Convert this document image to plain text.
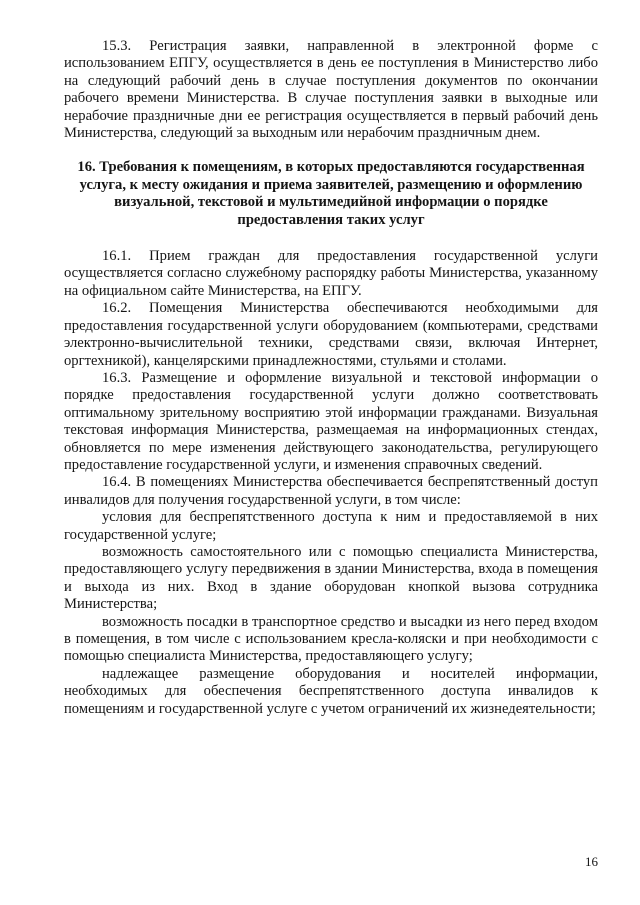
15.3. Регистрация заявки, направленной в электронной форме с использованием ЕПГУ, осуществляется в день ее поступления в Министерство либо на следующий рабочий день в случае поступления документов по окончании рабочего времени Министерства. В случае поступления заявки в выходные или нерабочие праздничные дни ее регистрация осуществляется в первый рабочий день Министерства, следующий за выходным или нерабочим праздничным днем.

16. Требования к помещениям, в которых предоставляются государственная услуга, к месту ожидания и приема заявителей, размещению и оформлению визуальной, текстовой и мультимедийной информации о порядке предоставления таких услуг

16.1. Прием граждан для предоставления государственной услуги осуществляется согласно служебному распорядку работы Министерства, указанному на официальном сайте Министерства, на ЕПГУ.

16.2. Помещения Министерства обеспечиваются необходимыми для предоставления государственной услуги оборудованием (компьютерами, средствами электронно-вычислительной техники, средствами связи, включая Интернет, оргтехникой), канцелярскими принадлежностями, стульями и столами.

16.3. Размещение и оформление визуальной и текстовой информации о порядке предоставления государственной услуги должно соответствовать оптимальному зрительному восприятию этой информации гражданами. Визуальная текстовая информация Министерства, размещаемая на информационных стендах, обновляется по мере изменения действующего законодательства, регулирующего предоставление государственной услуги, и изменения справочных сведений.

16.4. В помещениях Министерства обеспечивается беспрепятственный доступ инвалидов для получения государственной услуги, в том числе:

условия для беспрепятственного доступа к ним и предоставляемой в них государственной услуге;

возможность самостоятельного или с помощью специалиста Министерства, предоставляющего услугу передвижения в здании Министерства, входа в помещения и выхода из них. Вход в здание оборудован кнопкой вызова сотрудника Министерства;

возможность посадки в транспортное средство и высадки из него перед входом в помещения, в том числе с использованием кресла-коляски и при необходимости с помощью специалиста Министерства, предоставляющего услугу;

надлежащее размещение оборудования и носителей информации, необходимых для обеспечения беспрепятственного доступа инвалидов к помещениям и государственной услуге с учетом ограничений их жизнедеятельности;

16
